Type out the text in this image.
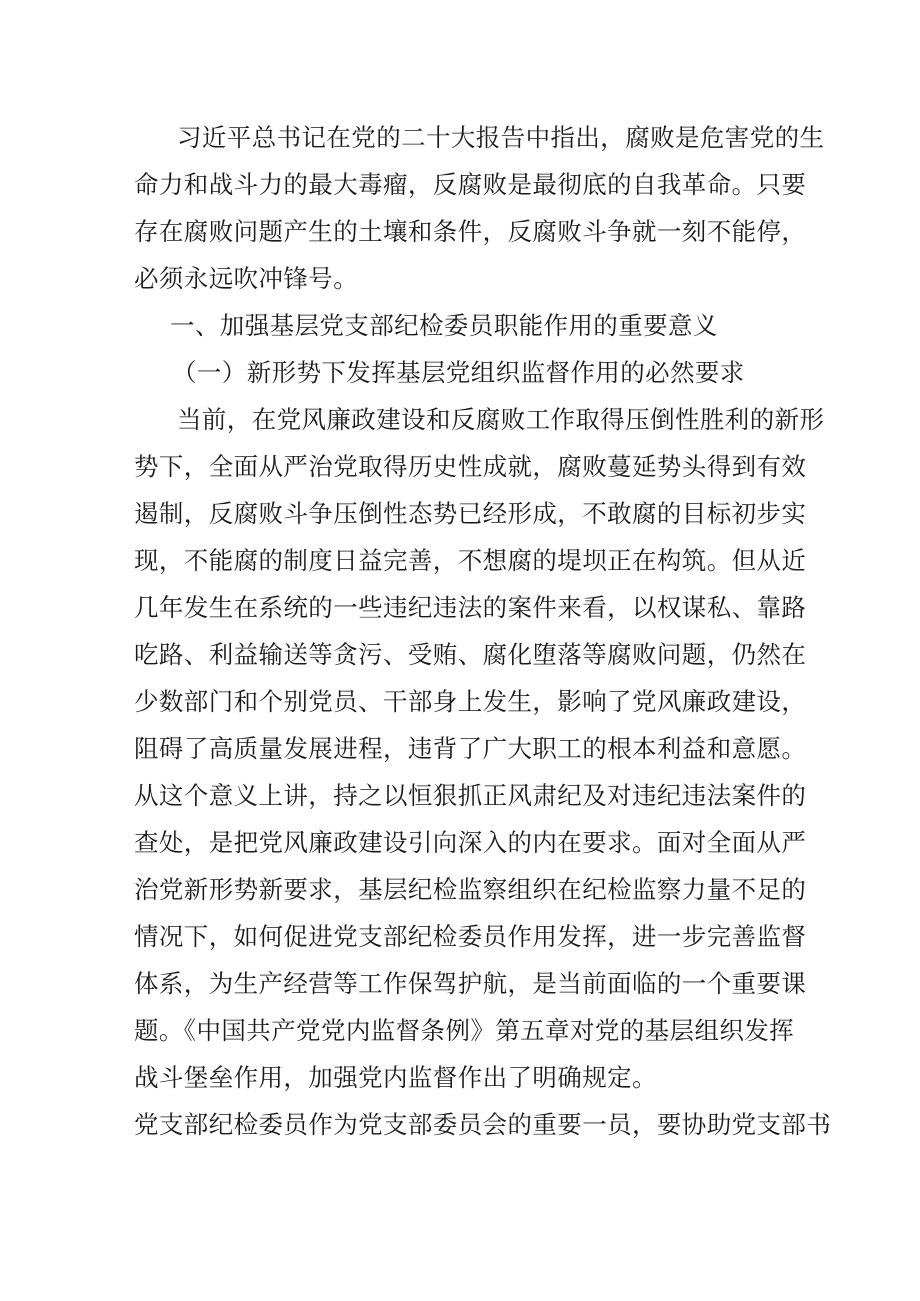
习近平总书记在党的二十大报告中指出，腐败是危害党的生
命力和战斗力的最大毒瘤，反腐败是最彻底的自我革命。只要
存在腐败问题产生的土壤和条件，反腐败斗争就一刻不能停，
必须永远吹冲锋号。
一、加强基层党支部纪检委员职能作用的重要意义
（一）新形势下发挥基层党组织监督作用的必然要求
当前，在党风廉政建设和反腐败工作取得压倒性胜利的新形
势下，全面从严治党取得历史性成就，腐败蔓延势头得到有效
遏制，反腐败斗争压倒性态势已经形成，不敢腐的目标初步实
现，不能腐的制度日益完善，不想腐的堤坝正在构筑。但从近
几年发生在系统的一些违纪违法的案件来看，以权谋私、靠路
吃路、利益输送等贪污、受贿、腐化堕落等腐败问题，仍然在
少数部门和个别党员、干部身上发生，影响了党风廉政建设，
阻碍了高质量发展进程，违背了广大职工的根本利益和意愿。
从这个意义上讲，持之以恒狠抓正风肃纪及对违纪违法案件的
查处，是把党风廉政建设引向深入的内在要求。面对全面从严
治党新形势新要求，基层纪检监察组织在纪检监察力量不足的
情况下，如何促进党支部纪检委员作用发挥，进一步完善监督
体系，为生产经营等工作保驾护航，是当前面临的一个重要课
题。《中国共产党党内监督条例》第五章对党的基层组织发挥
战斗堡垒作用，加强党内监督作出了明确规定。
党支部纪检委员作为党支部委员会的重要一员，要协助党支部书
